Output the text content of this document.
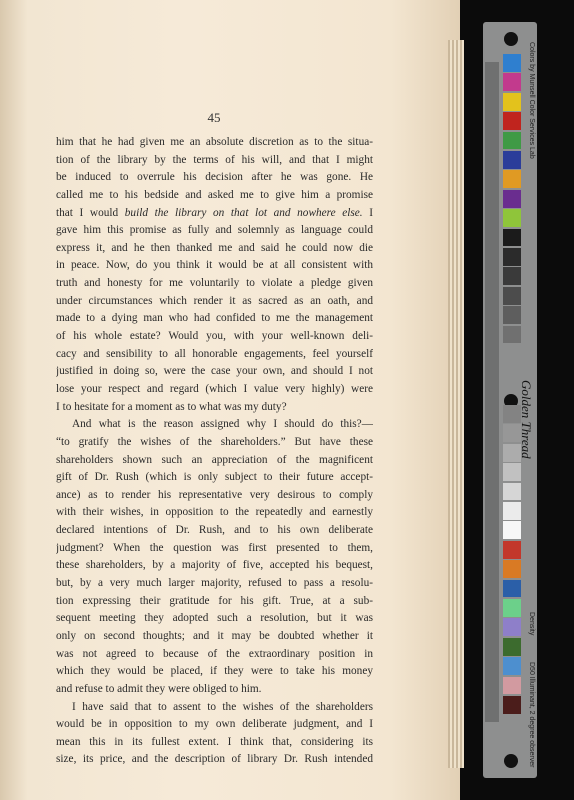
45
him that he had given me an absolute discretion as to the situa-
tion of the library by the terms of his will, and that I might
be induced to overrule his decision after he was gone. He
called me to his bedside and asked me to give him a promise
that I would build the library on that lot and nowhere else. I
gave him this promise as fully and solemnly as language could
express it, and he then thanked me and said he could now die
in peace. Now, do you think it would be at all consistent with
truth and honesty for me voluntarily to violate a pledge given
under circumstances which render it as sacred as an oath, and
made to a dying man who had confided to me the management
of his whole estate? Would you, with your well-known deli-
cacy and sensibility to all honorable engagements, feel yourself
justified in doing so, were the case your own, and should I not
lose your respect and regard (which I value very highly) were
I to hesitate for a moment as to what was my duty?
And what is the reason assigned why I should do this?—
“to gratify the wishes of the shareholders.” But have these
shareholders shown such an appreciation of the magnificent
gift of Dr. Rush (which is only subject to their future accept-
ance) as to render his representative very desirous to comply
with their wishes, in opposition to the repeatedly and earnestly
declared intentions of Dr. Rush, and to his own deliberate
judgment? When the question was first presented to them,
these shareholders, by a majority of five, accepted his bequest,
but, by a very much larger majority, refused to pass a resolu-
tion expressing their gratitude for his gift. True, at a sub-
sequent meeting they adopted such a resolution, but it was
only on second thoughts; and it may be doubted whether it
was not agreed to because of the extraordinary position in
which they would be placed, if they were to take his money
and refuse to admit they were obliged to him.
I have said that to assent to the wishes of the shareholders
would be in opposition to my own deliberate judgment, and I
mean this in its fullest extent. I think that, considering its
size, its price, and the description of library Dr. Rush intended
Colors by Munsell Color Services Lab
Density
D50 Illuminant, 2 degree observer
Golden Thread
